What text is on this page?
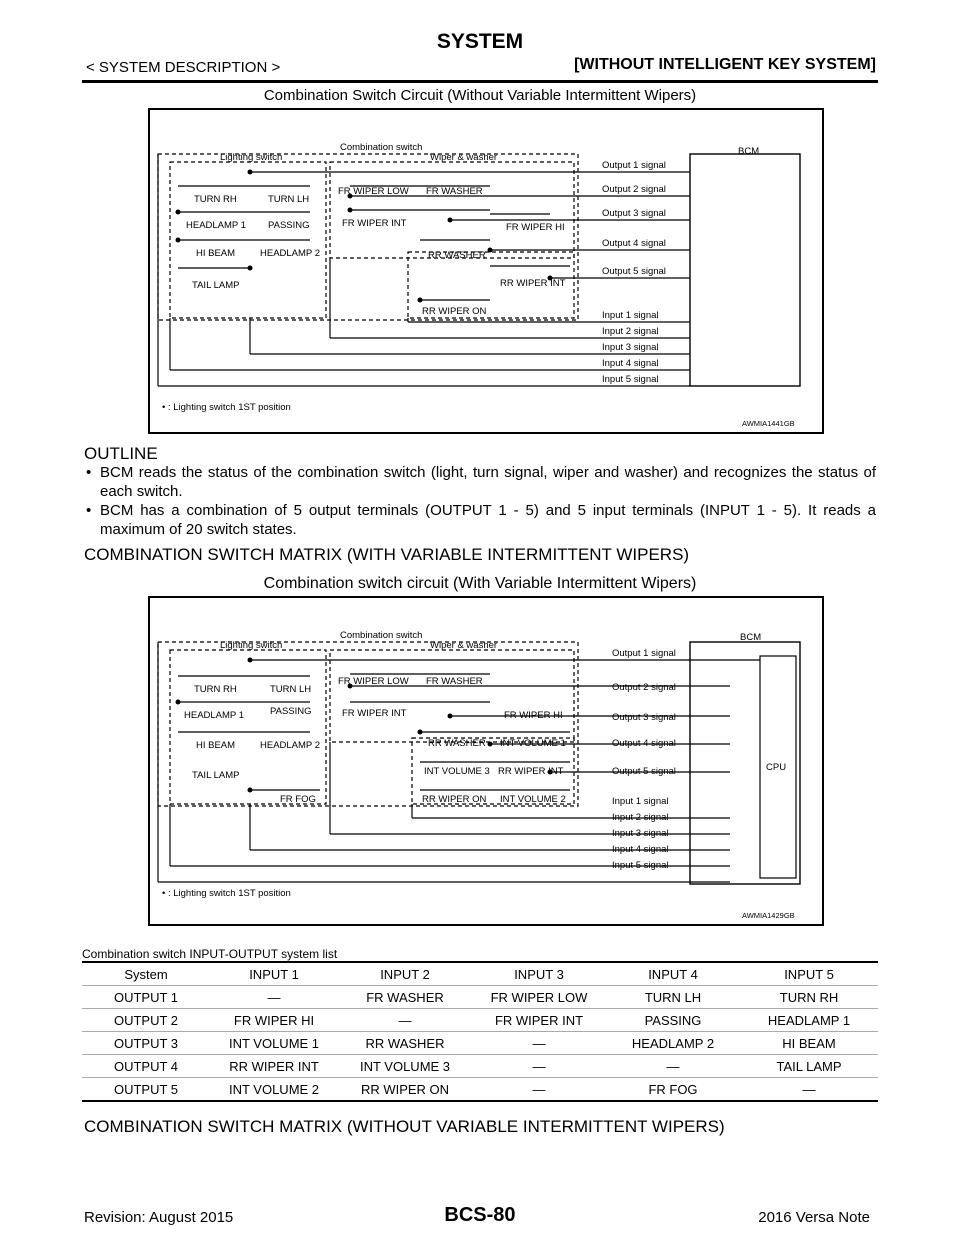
SYSTEM
< SYSTEM DESCRIPTION >	[WITHOUT INTELLIGENT KEY SYSTEM]
Combination Switch Circuit (Without Variable Intermittent Wipers)
Combination switch
Lighting switch	Wiper & washer
BCM
TURN RH	TURN LH
HEADLAMP 1 PASSING
HI BEAM	HEADLAMP 2
TAIL LAMP
FR WIPER LOW FR WASHER
FR WIPER INT	FR WIPER HI
RR WASHER
RR WIPER INT
RR WIPER ON
Output 1 signal
Output 2 signal
Output 3 signal
Output 4 signal
Output 5 signal
Input 1 signal
Input 2 signal
Input 3 signal
Input 4 signal
Input 5 signal
• : Lighting switch 1ST position
AWMIA1441GB
OUTLINE
• BCM reads the status of the combination switch (light, turn signal, wiper and washer) and recognizes the status of each switch.
• BCM has a combination of 5 output terminals (OUTPUT 1 - 5) and 5 input terminals (INPUT 1 - 5). It reads a maximum of 20 switch states.
COMBINATION SWITCH MATRIX (WITH VARIABLE INTERMITTENT WIPERS)
Combination switch circuit (With Variable Intermittent Wipers)
Combination switch
Lighting switch	Wiper & washer
BCM
CPU
TURN RH	TURN LH
HEADLAMP 1	PASSING
HI BEAM	HEADLAMP 2
TAIL LAMP
FR FOG
FR WIPER LOW FR WASHER
FR WIPER INT	FR WIPER HI
RR WASHER INT VOLUME 1
INT VOLUME 3 RR WIPER INT
RR WIPER ON INT VOLUME 2
Output 1 signal
Output 2 signal
Output 3 signal
Output 4 signal
Output 5 signal
Input 1 signal
Input 2 signal
Input 3 signal
Input 4 signal
Input 5 signal
• : Lighting switch 1ST position
AWMIA1429GB
Combination switch INPUT-OUTPUT system list
System	INPUT 1	INPUT 2	INPUT 3	INPUT 4	INPUT 5
OUTPUT 1	—	FR WASHER	FR WIPER LOW	TURN LH	TURN RH
OUTPUT 2	FR WIPER HI	—	FR WIPER INT	PASSING	HEADLAMP 1
OUTPUT 3	INT VOLUME 1	RR WASHER	—	HEADLAMP 2	HI BEAM
OUTPUT 4	RR WIPER INT	INT VOLUME 3	—	—	TAIL LAMP
OUTPUT 5	INT VOLUME 2	RR WIPER ON	—	FR FOG	—
COMBINATION SWITCH MATRIX (WITHOUT VARIABLE INTERMITTENT WIPERS)
Revision: August 2015	BCS-80	2016 Versa Note
